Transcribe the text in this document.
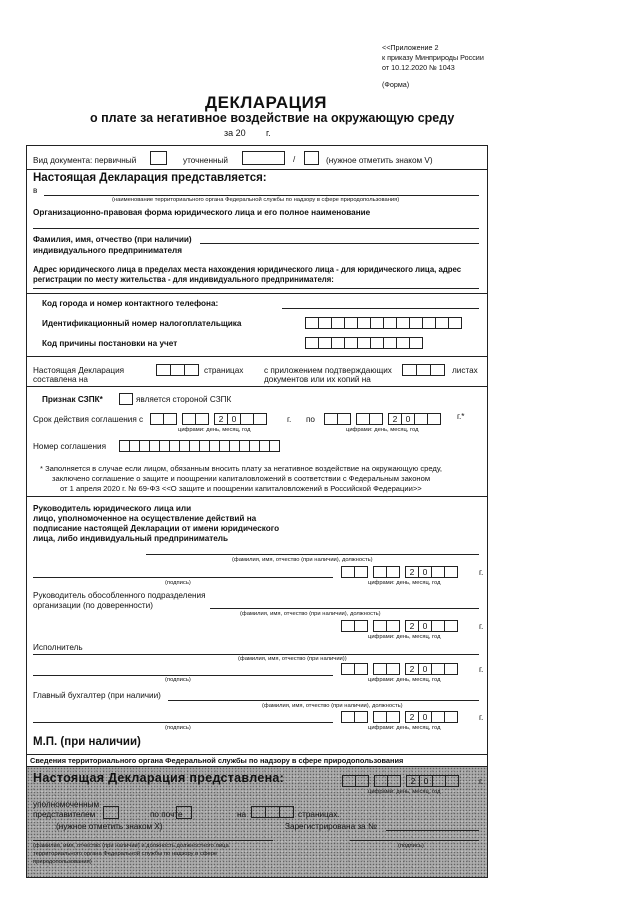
<<Приложение 2
к приказу Минприроды России
от 10.12.2020 № 1043
(Форма)
ДЕКЛАРАЦИЯ
о плате за негативное воздействие на окружающую среду
за 20 г.
Вид документа: первичный	уточненный	/	(нужное отметить знаком V)
Настоящая Декларация представляется:
в
(наименование территориального органа Федеральной службы по надзору в сфере природопользования)
Организационно-правовая форма юридического лица и его полное наименование
Фамилия, имя, отчество (при наличии)
индивидуального предпринимателя
Адрес юридического лица в пределах места нахождения юридического лица - для юридического лица, адрес
регистрации по месту жительства - для индивидуального предпринимателя:
Код города и номер контактного телефона:
Идентификационный номер налогоплательщика
Код причины постановки на учет
Настоящая Декларация
составлена на
страницах	с приложением подтверждающих
документов или их копий на
листах
Признак СЗПК*	является стороной СЗПК
Срок действия соглашения с	2 0	г. по	2 0	г.*
цифрами: день, месяц, год	цифрами: день, месяц, год
Номер соглашения
* Заполняется в случае если лицом, обязанным вносить плату за негативное воздействие на окружающую среду,
заключено соглашение о защите и поощрении капиталовложений в соответствии с Федеральным законом
от 1 апреля 2020 г. № 69-ФЗ <<О защите и поощрении капиталовложений в Российской Федерации>>
Руководитель юридического лица или
лицо, уполномоченное на осуществление действий на
подписание настоящей Декларации от имени юридического
лица, либо индивидуальный предприниматель
(фамилия, имя, отчество (при наличии), должность)
2 0	г.
(подпись)	цифрами: день, месяц, год
Руководитель обособленного подразделения
организации (по доверенности)
(фамилия, имя, отчество (при наличии), должность)
2 0	г.
цифрами: день, месяц, год
Исполнитель
(фамилия, имя, отчество (при наличии))
2 0	г.
(подпись)	цифрами: день, месяц, год
Главный бухгалтер (при наличии)
(фамилия, имя, отчество (при наличии), должность)
2 0	г.
(подпись)	цифрами: день, месяц, год
М.П. (при наличии)
Сведения территориального органа Федеральной службы по надзору в сфере природопользования
Настоящая Декларация представлена:	2 0	г.
цифрами: день, месяц, год
уполномоченным
представителем	по почте	на	страницах.
(нужное отметить знаком X)	Зарегистрирована за №
(фамилия, имя, отчество (при наличии) и должность должностного лица
территориального органа Федеральной службы по надзору в сфере
природопользования)
(подпись)
